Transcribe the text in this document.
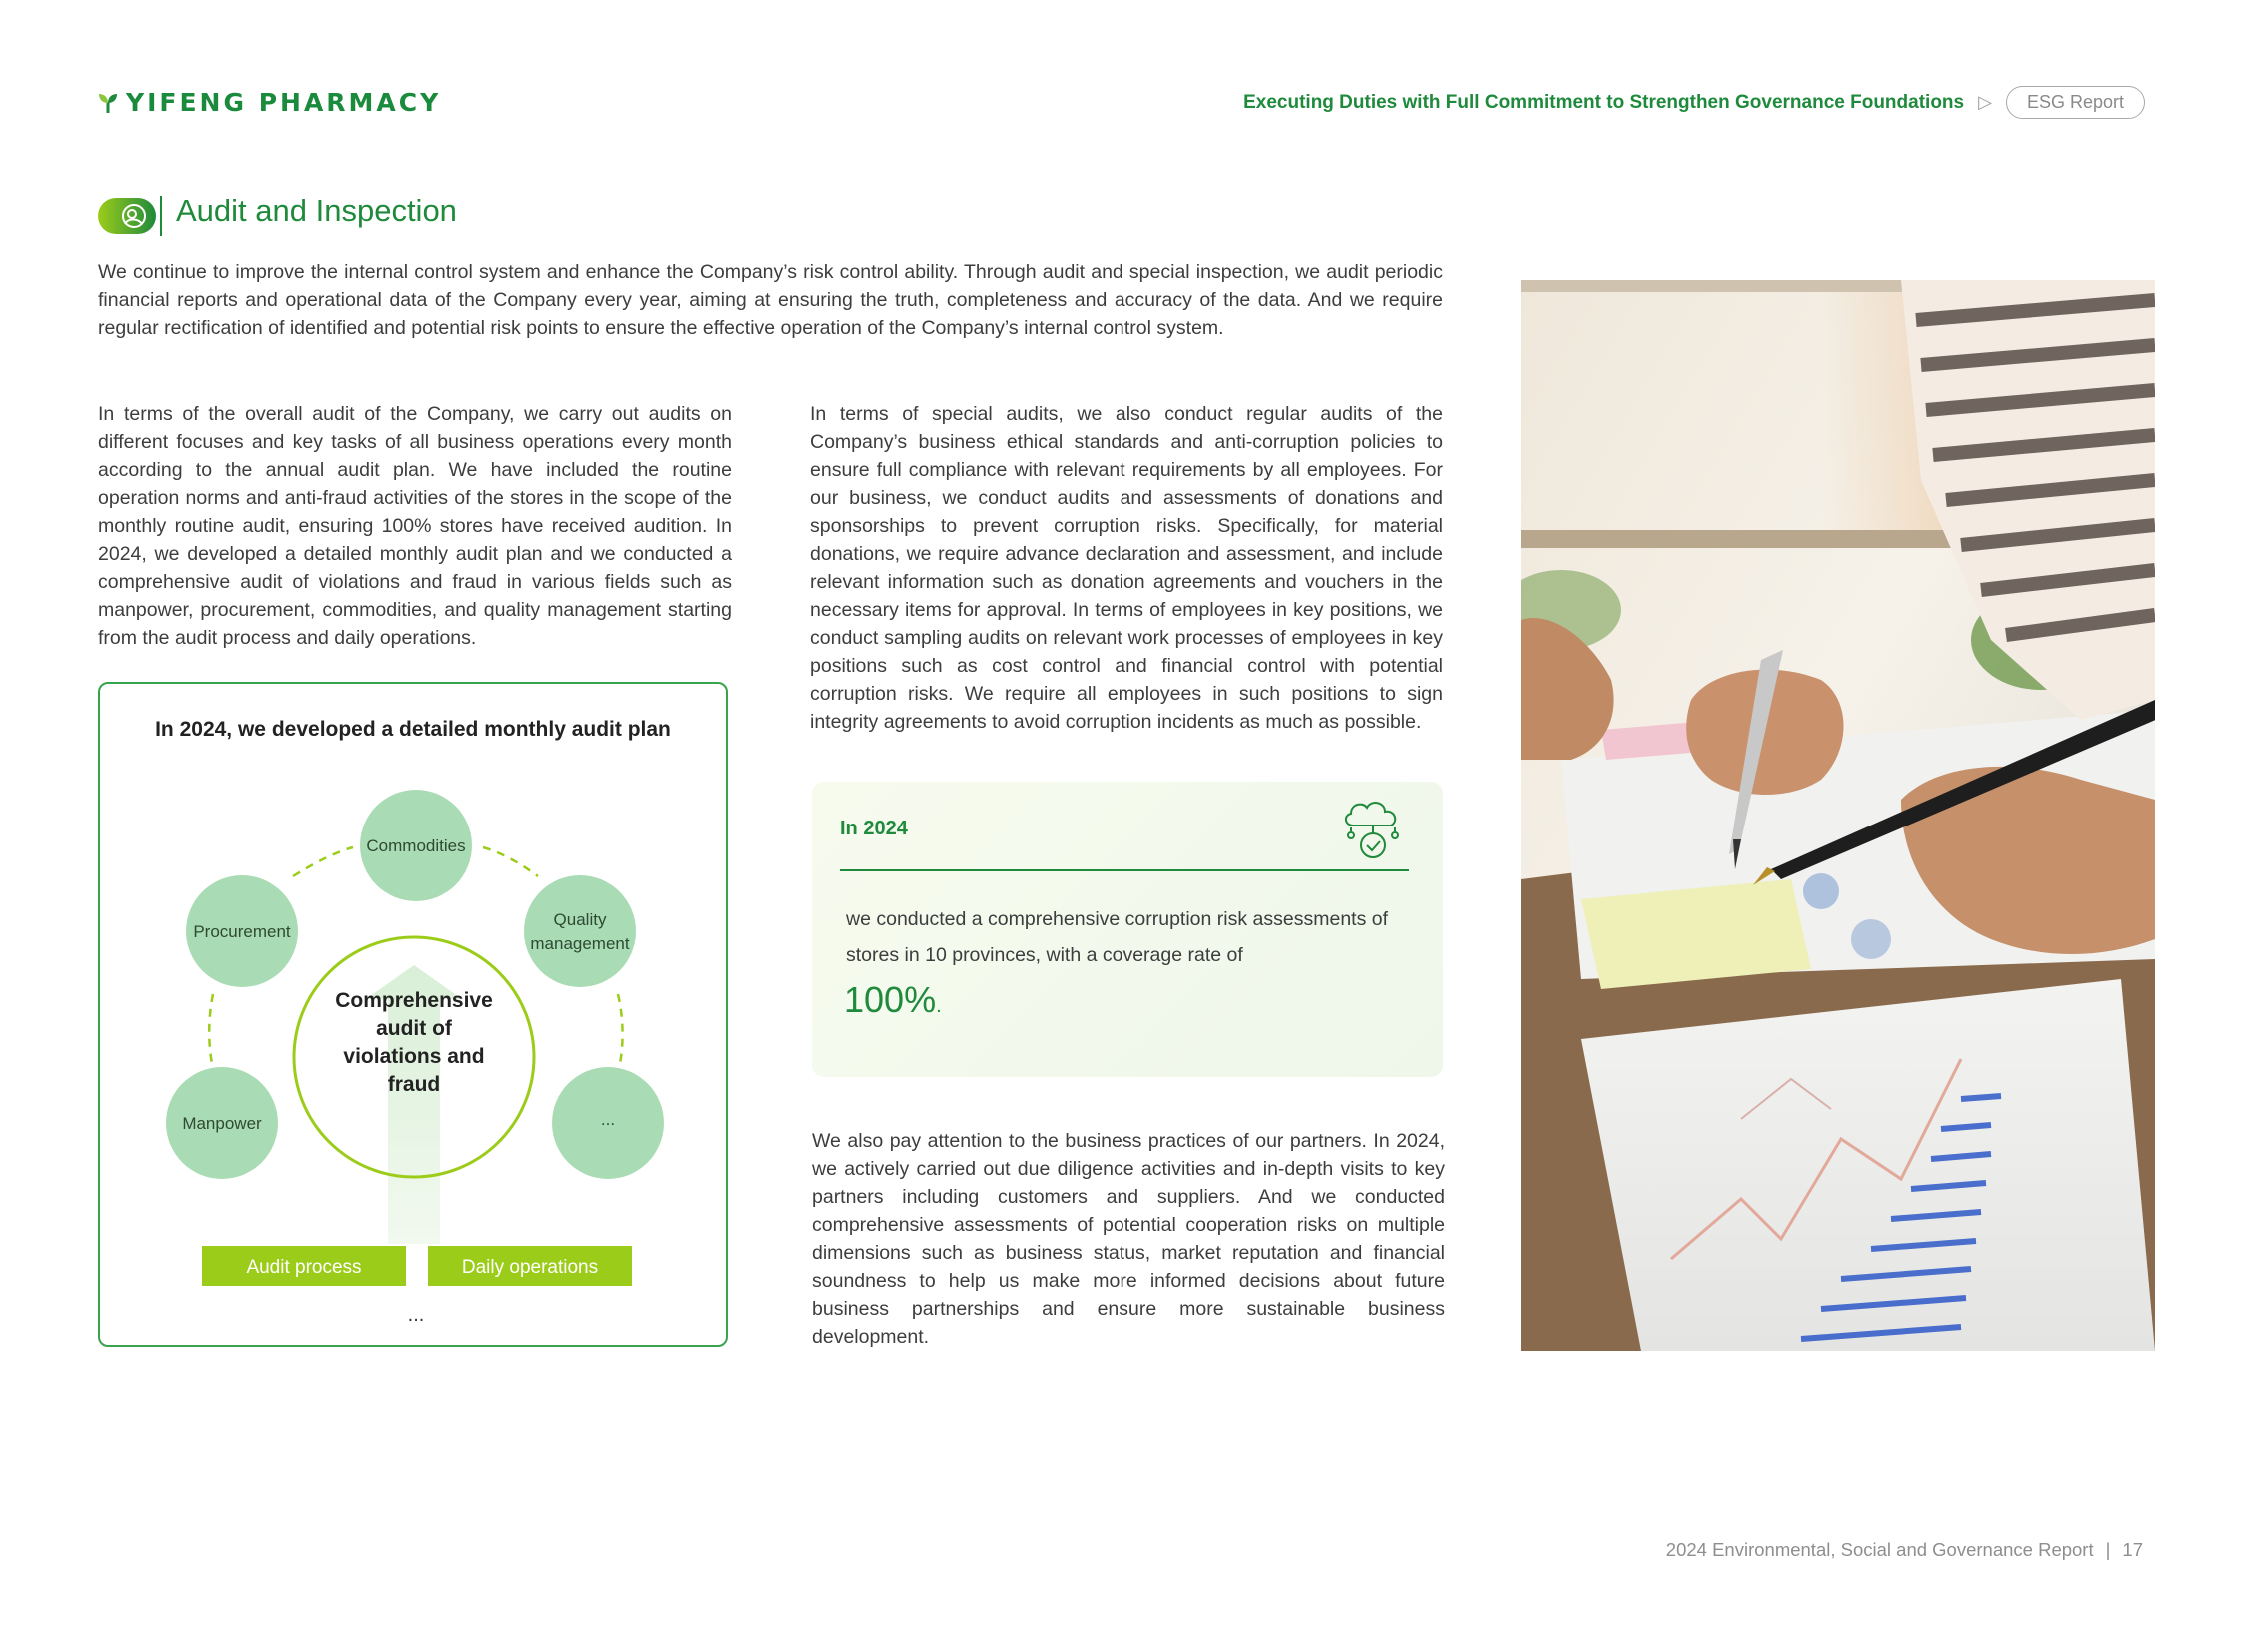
YIFENG PHARMACY	Executing Duties with Full Commitment to Strengthen Governance Foundations ▷	ESG Report
Audit and Inspection

We continue to improve the internal control system and enhance the Company’s risk control ability. Through audit and special inspection, we audit periodic financial reports and operational data of the Company every year, aiming at ensuring the truth, completeness and accuracy of the data. And we require regular rectification of identified and potential risk points to ensure the effective operation of the Company’s internal control system.

In terms of the overall audit of the Company, we carry out audits on different focuses and key tasks of all business operations every month according to the annual audit plan. We have included the routine operation norms and anti-fraud activities of the stores in the scope of the monthly routine audit, ensuring 100% stores have received audition. In 2024, we developed a detailed monthly audit plan and we conducted a comprehensive audit of violations and fraud in various fields such as manpower, procurement, commodities, and quality management starting from the audit process and daily operations.

In 2024, we developed a detailed monthly audit plan
Comprehensive
audit of
violations and
fraud
Commodities
Procurement
Quality
management
Manpower	...
Audit process	Daily operations
...

In terms of special audits, we also conduct regular audits of the Company’s business ethical standards and anti-corruption policies to ensure full compliance with relevant requirements by all employees. For our business, we conduct audits and assessments of donations and sponsorships to prevent corruption risks. Specifically, for material donations, we require advance declaration and assessment, and include relevant information such as donation agreements and vouchers in the necessary items for approval. In terms of employees in key positions, we conduct sampling audits on relevant work processes of employees in key positions such as cost control and financial control with potential corruption risks. We require all employees in such positions to sign integrity agreements to avoid corruption incidents as much as possible.

In 2024

we conducted a comprehensive corruption risk assessments of stores in 10 provinces, with a coverage rate of

100%.

We also pay attention to the business practices of our partners. In 2024, we actively carried out due diligence activities and in-depth visits to key partners including customers and suppliers. And we conducted comprehensive assessments of potential cooperation risks on multiple dimensions such as business status, market reputation and financial soundness to help us make more informed decisions about future business partnerships and ensure more sustainable business development.

2024 Environmental, Social and Governance Report | 17
